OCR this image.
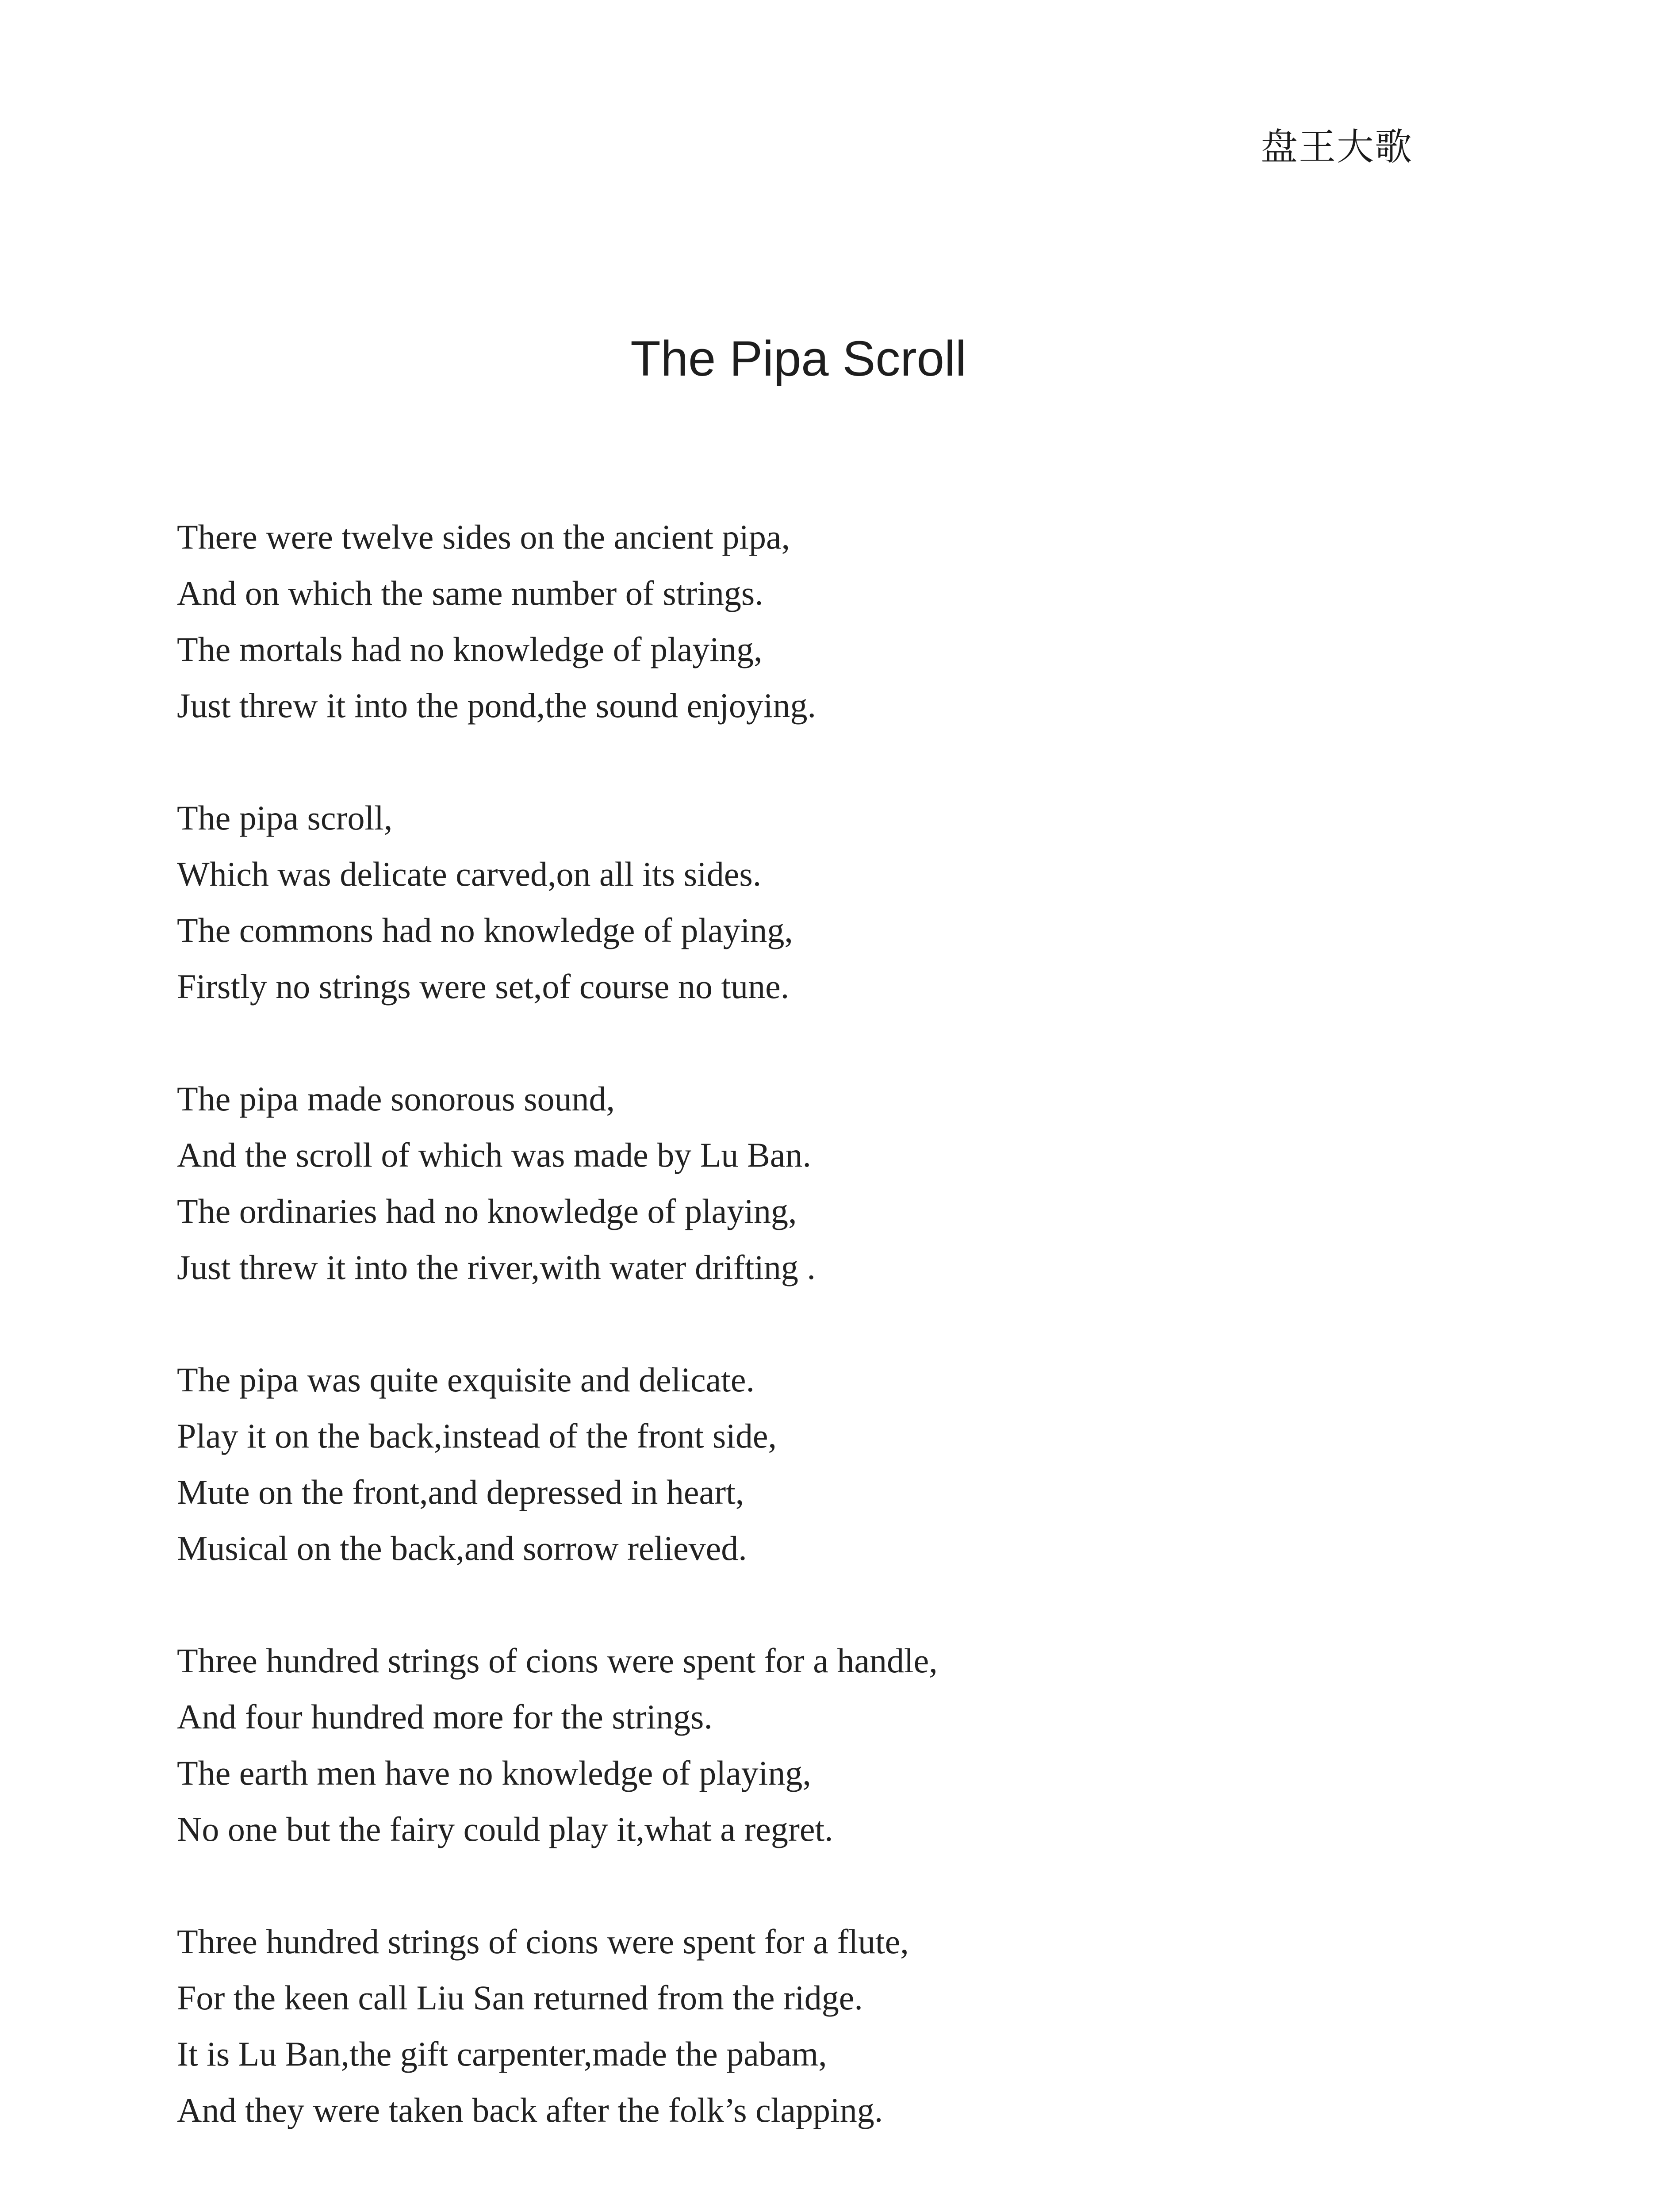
盘王大歌
The Pipa Scroll
There were twelve sides on the ancient pipa,
And on which the same number of strings.
The mortals had no knowledge of playing,
Just threw it into the pond,the sound enjoying.
The pipa scroll,
Which was delicate carved,on all its sides.
The commons had no knowledge of playing,
Firstly no strings were set,of course no tune.
The pipa made sonorous sound,
And the scroll of which was made by Lu Ban.
The ordinaries had no knowledge of playing,
Just threw it into the river,with water drifting .
The pipa was quite exquisite and delicate.
Play it on the back,instead of the front side,
Mute on the front,and depressed in heart,
Musical on the back,and sorrow relieved.
Three hundred strings of cions were spent for a handle,
And four hundred more for the strings.
The earth men have no knowledge of playing,
No one but the fairy could play it,what a regret.
Three hundred strings of cions were spent for a flute,
For the keen call Liu San returned from the ridge.
It is Lu Ban,the gift carpenter,made the pabam,
And they were taken back after the folk’s clapping.
